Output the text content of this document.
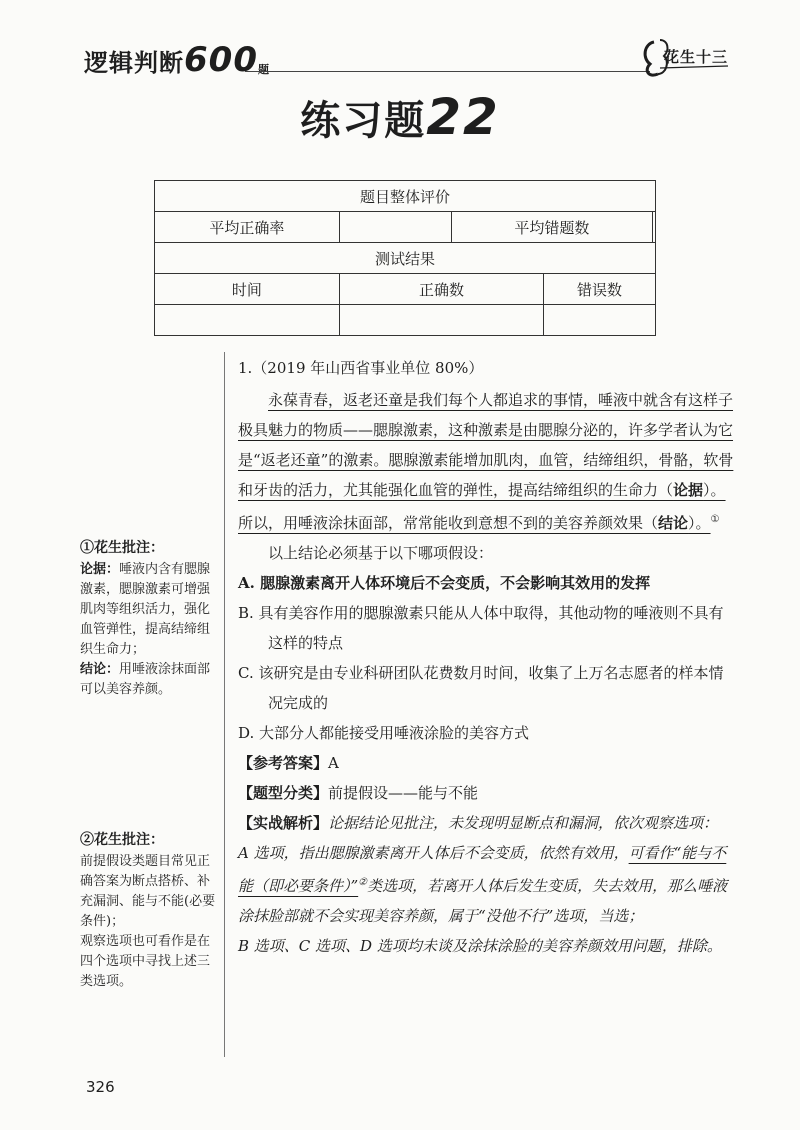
逻辑判断600题
花生十三
练习题22
题目整体评价				
平均正确率		平均错题数		
测试结果				
时间	正确数		错误数	

①花生批注：

论据：唾液内含有腮腺激素，腮腺激素可增强肌肉等组织活力，强化血管弹性，提高结缔组织生命力；

结论：用唾液涂抹面部可以美容养颜。

②花生批注：

前提假设类题目常见正确答案为断点搭桥、补充漏洞、能与不能(必要条件)；

观察选项也可看作是在四个选项中寻找上述三类选项。

1.（2019 年山西省事业单位 80%）

永葆青春，返老还童是我们每个人都追求的事情，唾液中就含有这样子极具魅力的物质——腮腺激素，这种激素是由腮腺分泌的，许多学者认为它是“返老还童”的激素。腮腺激素能增加肌肉，血管，结缔组织，骨骼，软骨和牙齿的活力，尤其能强化血管的弹性，提高结缔组织的生命力（论据）。所以，用唾液涂抹面部，常常能收到意想不到的美容养颜效果（结论）。①

以上结论必须基于以下哪项假设：

A. 腮腺激素离开人体环境后不会变质，不会影响其效用的发挥

B. 具有美容作用的腮腺激素只能从人体中取得，其他动物的唾液则不具有这样的特点

C. 该研究是由专业科研团队花费数月时间，收集了上万名志愿者的样本情况完成的

D. 大部分人都能接受用唾液涂脸的美容方式

【参考答案】A

【题型分类】前提假设——能与不能

【实战解析】论据结论见批注，未发现明显断点和漏洞，依次观察选项：

A 选项，指出腮腺激素离开人体后不会变质，依然有效用，可看作“能与不能（即必要条件）”②类选项，若离开人体后发生变质，失去效用，那么唾液涂抹脸部就不会实现美容养颜，属于“没他不行”选项，当选；

B 选项、C 选项、D 选项均未谈及涂抹涂脸的美容养颜效用问题，排除。

326
